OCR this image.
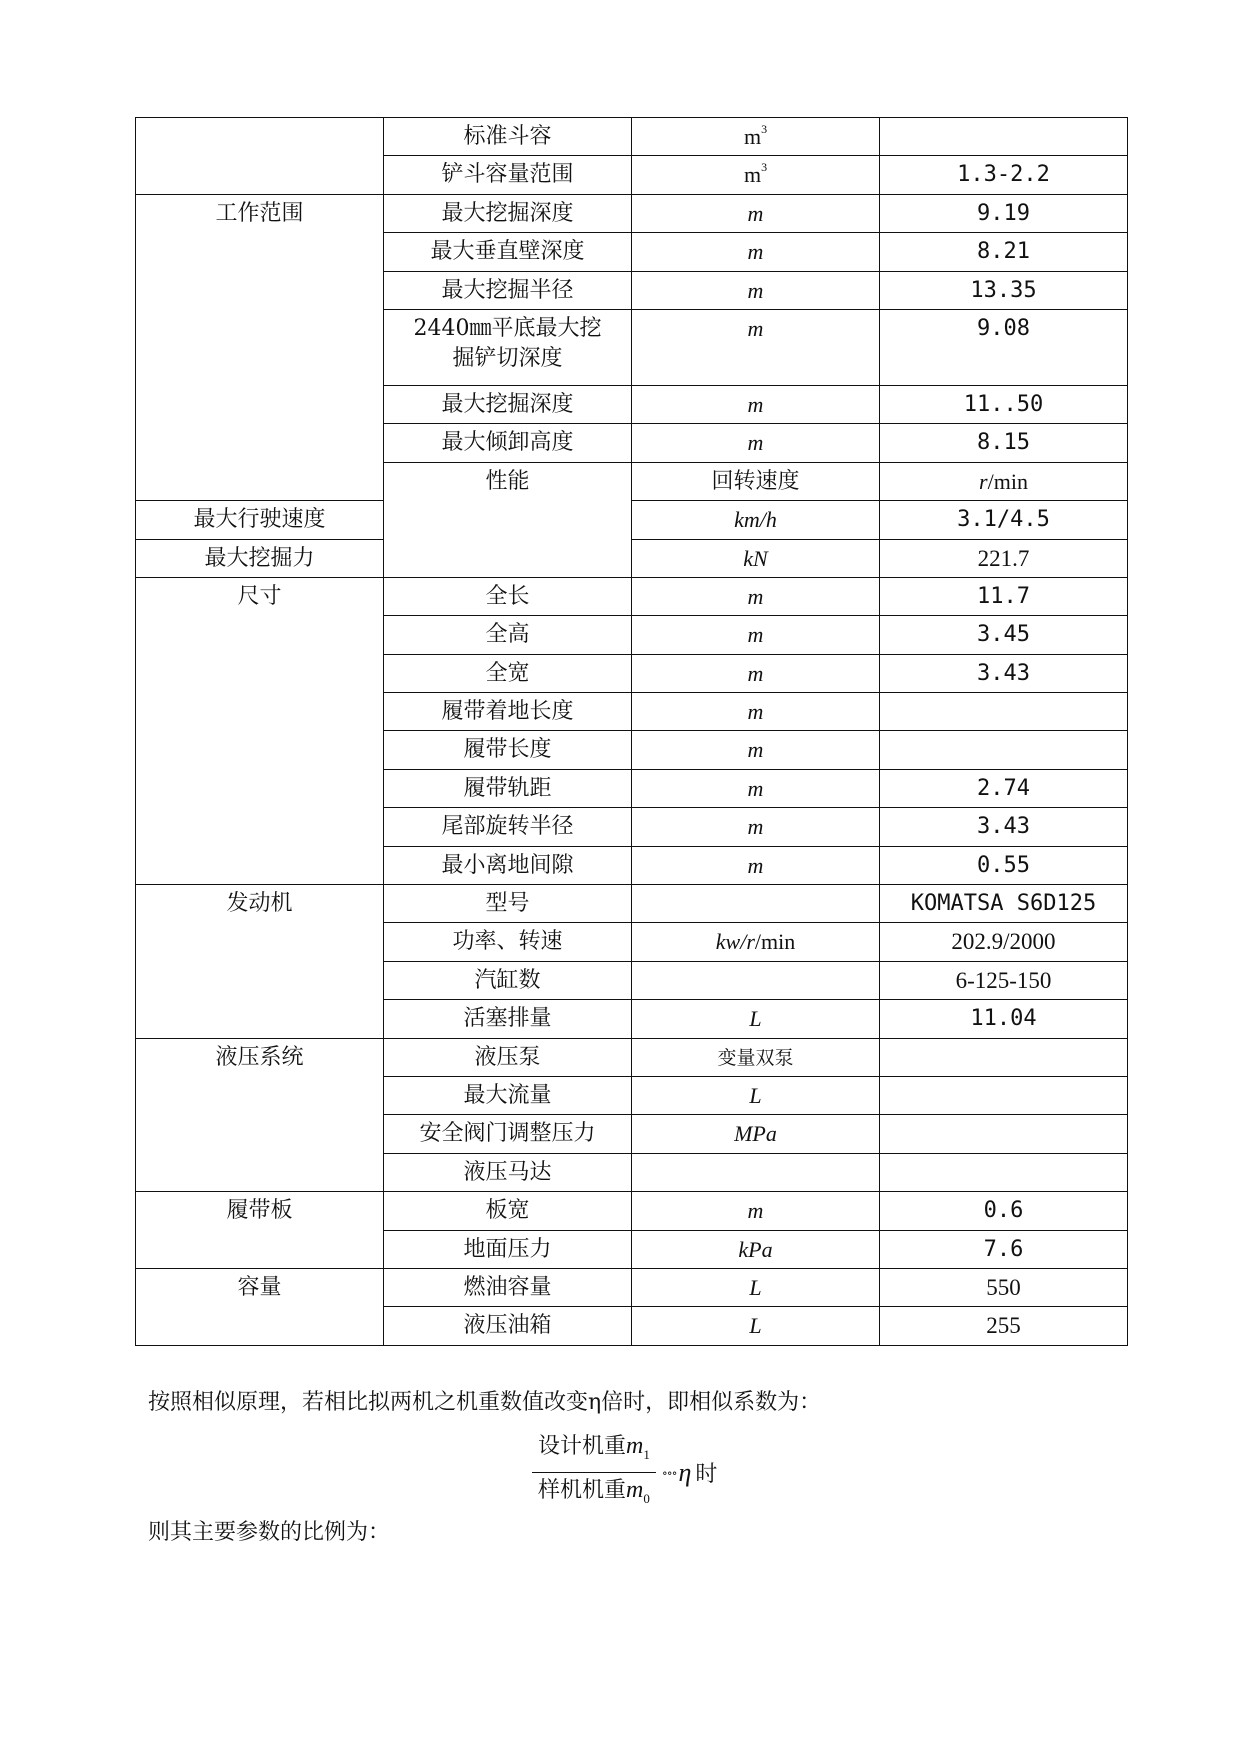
	标准斗容	$m^3$	
	铲斗容量范围	$m^3$	1.3-2.2	
工作范围	最大挖掘深度	m	9.19	
	最大垂直壁深度	m	8.21	
	最大挖掘半径	m	13.35	

	2440㎜平底最大挖
掘铲切深度	m	9.08	
	最大挖掘深度	m	11..50	
	最大倾卸高度	m	8.15	
	性能	回转速度	r/min	
最大行驶速度		km/h	3.1/4.5	
最大挖掘力		kN	221.7	
尺寸	全长	m	11.7	
	全高	m	3.45	
	全宽	m	3.43	
	履带着地长度	m		
	履带长度	m		
	履带轨距	m	2.74	
	尾部旋转半径	m	3.43	
	最小离地间隙	m	0.55	
发动机	型号		KOMATSA S6D125	
	功率、转速	kw/r/min	202.9/2000	
	汽缸数		6-125-150	
	活塞排量	L	11.04	
液压系统	液压泵	变量双泵		
	最大流量	L		
	安全阀门调整压力	MPa		
	液压马达			
履带板	板宽	m	0.6	
	地面压力	kPa	7.6	
容量	燃油容量	L	550	
	液压油箱	L	255	
按照相似原理，若相比拟两机之机重数值改变η倍时，即相似系数为：
$\frac{设计机重m_1}{样机机重m_0}$ ∘∘∘ η 时
则其主要参数的比例为：
